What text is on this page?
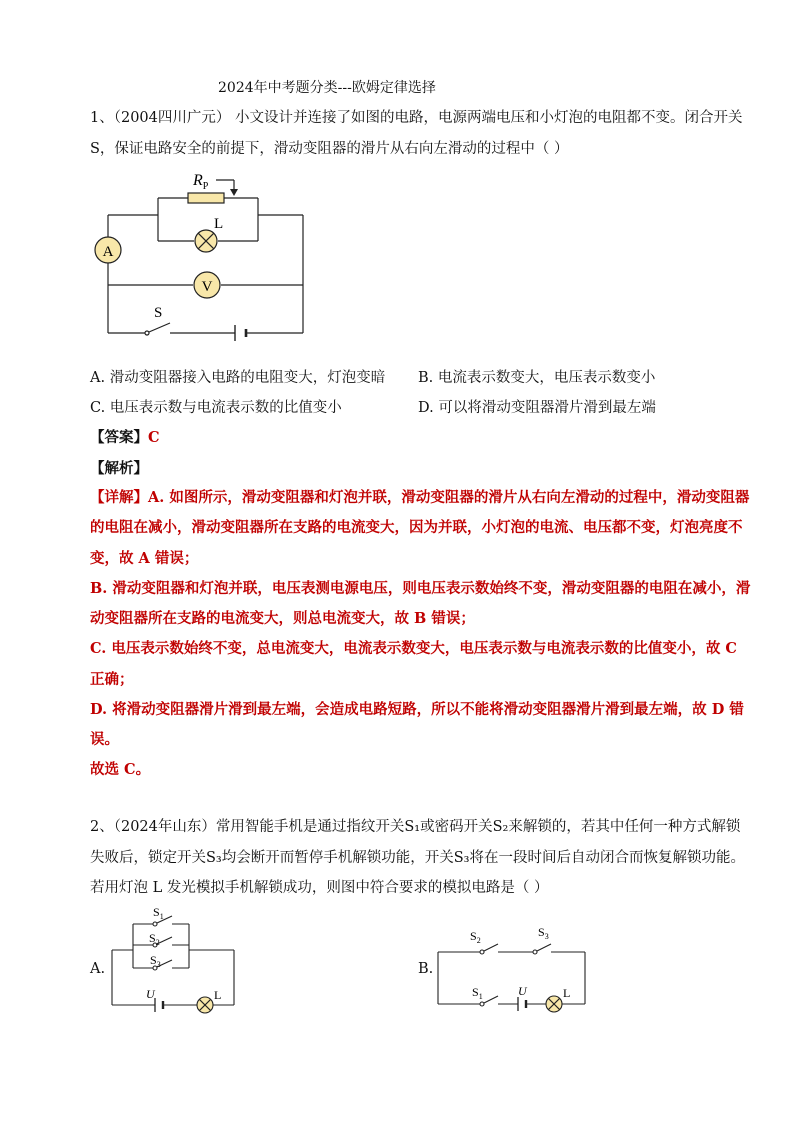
2024年中考题分类---欧姆定律选择
1、（2004四川广元） 小文设计并连接了如图的电路，电源两端电压和小灯泡的电阻都不变。闭合开关
S，保证电路安全的前提下，滑动变阻器的滑片从右向左滑动的过程中（ ）
$R_P$
L
A
V
S
A. 滑动变阻器接入电路的电阻变大，灯泡变暗 B. 电流表示数变大，电压表示数变小
C. 电压表示数与电流表示数的比值变小	D. 可以将滑动变阻器滑片滑到最左端
【答案】C
【解析】
【详解】A. 如图所示，滑动变阻器和灯泡并联，滑动变阻器的滑片从右向左滑动的过程中，滑动变阻器
的电阻在减小，滑动变阻器所在支路的电流变大，因为并联，小灯泡的电流、电压都不变，灯泡亮度不
变，故 A 错误；
B. 滑动变阻器和灯泡并联，电压表测电源电压，则电压表示数始终不变，滑动变阻器的电阻在减小，滑
动变阻器所在支路的电流变大，则总电流变大，故 B 错误；
C. 电压表示数始终不变，总电流变大，电流表示数变大，电压表示数与电流表示数的比值变小，故 C
正确；
D. 将滑动变阻器滑片滑到最左端，会造成电路短路，所以不能将滑动变阻器滑片滑到最左端，故 D 错
误。
故选 C。
2、（2024年山东）常用智能手机是通过指纹开关S₁或密码开关S₂来解锁的，若其中任何一种方式解锁
失败后，锁定开关S₃均会断开而暂停手机解锁功能，开关S₃将在一段时间后自动闭合而恢复解锁功能。
若用灯泡 L 发光模拟手机解锁成功，则图中符合要求的模拟电路是（ ）
A.	B.
$S_1$
$S_2$
$S_3$
U	L
$S_2$
$S_3$
$S_1$	U	L
